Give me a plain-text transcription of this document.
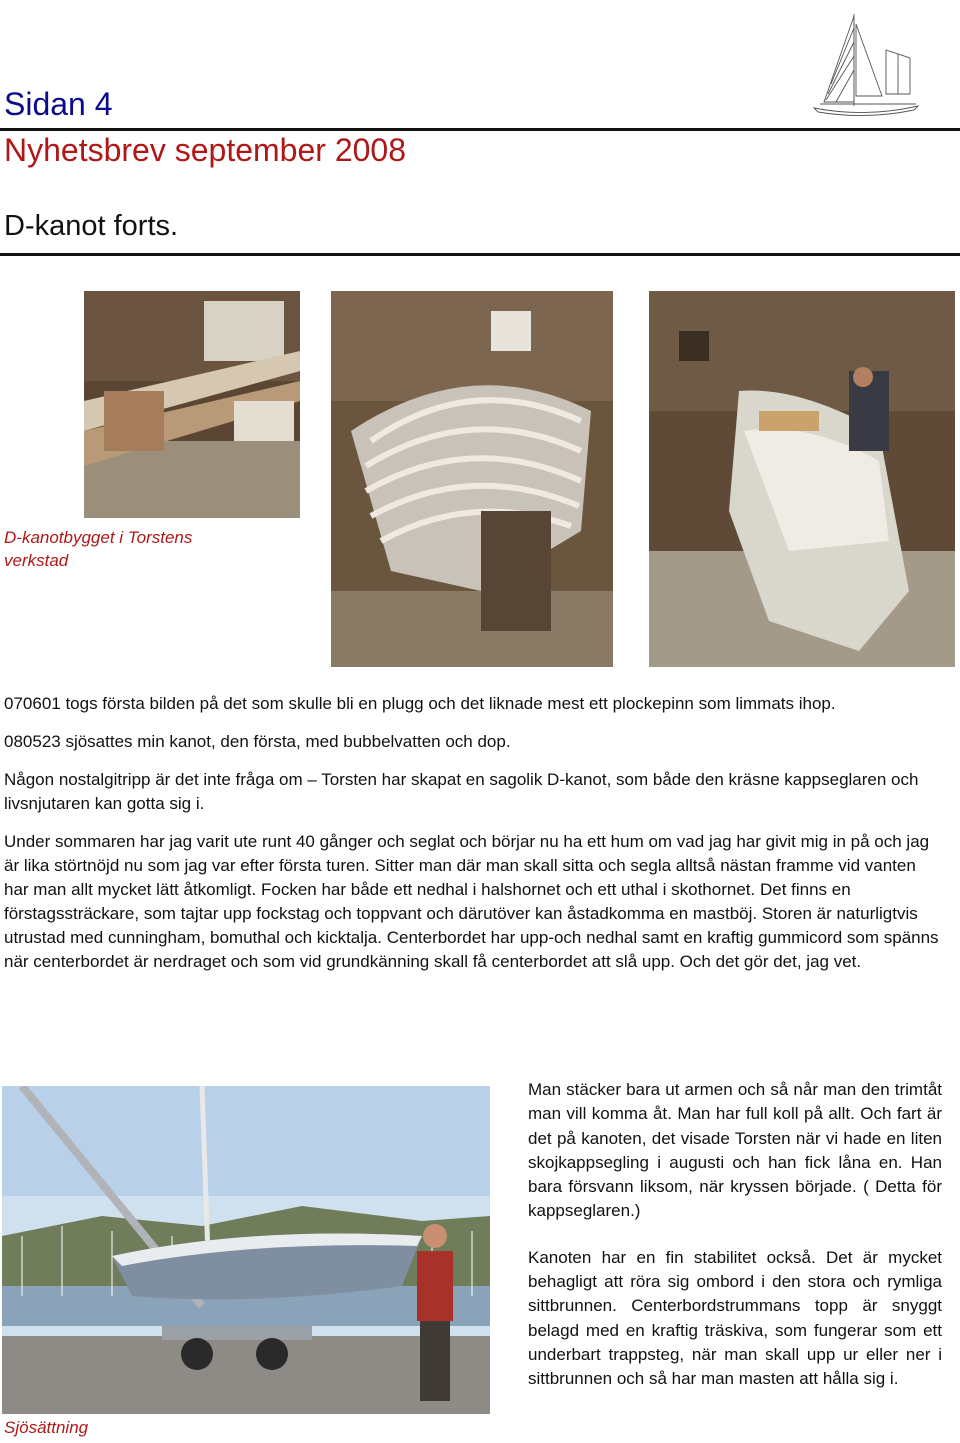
Sidan 4
Nyhetsbrev september 2008
D-kanot forts.
D-kanotbygget i Torstens verkstad

070601 togs första bilden på det som skulle bli en plugg och det liknade mest ett plockepinn som limmats ihop.

080523 sjösattes min kanot, den första, med bubbelvatten och dop.

Någon nostalgitripp är det inte fråga om – Torsten har skapat en sagolik D-kanot, som både den kräsne kappseglaren och livsnjutaren kan gotta sig i.

Under sommaren har jag varit ute runt 40 gånger och seglat och börjar nu ha ett hum om vad jag har givit mig in på och jag är lika störtnöjd nu som jag var efter första turen. Sitter man där man skall sitta och segla alltså nästan framme vid vanten har man allt mycket lätt åtkomligt. Focken har både ett nedhal i halshornet och ett uthal i skothornet. Det finns en förstagssträckare, som tajtar upp fockstag och toppvant och därutöver kan åstadkomma en mastböj. Storen är naturligtvis utrustad med cunningham, bomuthal och kicktalja. Centerbordet har upp-och nedhal samt en kraftig gummicord som spänns när centerbordet är nerdraget och som vid grundkänning skall få centerbordet att slå upp. Och det gör det, jag vet.

Sjösättning

Man stäcker bara ut armen och så når man den trimtåt man vill komma åt. Man har full koll på allt. Och fart är det på kanoten, det visade Torsten när vi hade en liten skojkappsegling i augusti och han fick låna en. Han bara försvann liksom, när kryssen började. ( Detta för kappseglaren.)

Kanoten har en fin stabilitet också. Det är mycket behagligt att röra sig ombord i den stora och rymliga sittbrunnen. Centerbordstrummans topp är snyggt belagd med en kraftig träskiva, som fungerar som ett underbart trappsteg, när man skall upp ur eller ner i sittbrunnen och så har man masten att hålla sig i.
